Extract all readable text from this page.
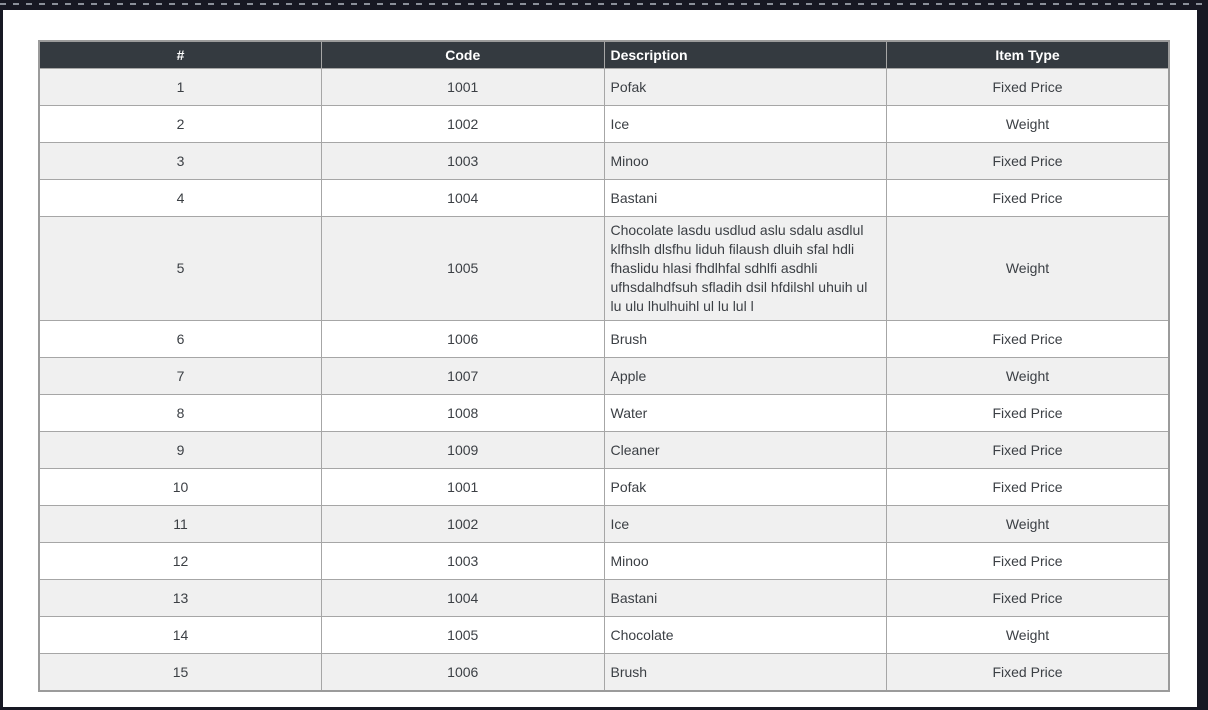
#	Code	Description	Item Type
1	1001	Pofak	Fixed Price
2	1002	Ice	Weight
3	1003	Minoo	Fixed Price
4	1004	Bastani	Fixed Price
5	1005	Chocolate lasdu usdlud aslu sdalu asdlul klfhslh dlsfhu liduh filaush dluih sfal hdli fhaslidu hlasi fhdlhfal sdhlfi asdhli ufhsdalhdfsuh sfladih dsil hfdilshl uhuih ul lu ulu lhulhuihl ul lu lul l	Weight
6	1006	Brush	Fixed Price
7	1007	Apple	Weight
8	1008	Water	Fixed Price
9	1009	Cleaner	Fixed Price
10	1001	Pofak	Fixed Price
11	1002	Ice	Weight
12	1003	Minoo	Fixed Price
13	1004	Bastani	Fixed Price
14	1005	Chocolate	Weight
15	1006	Brush	Fixed Price
